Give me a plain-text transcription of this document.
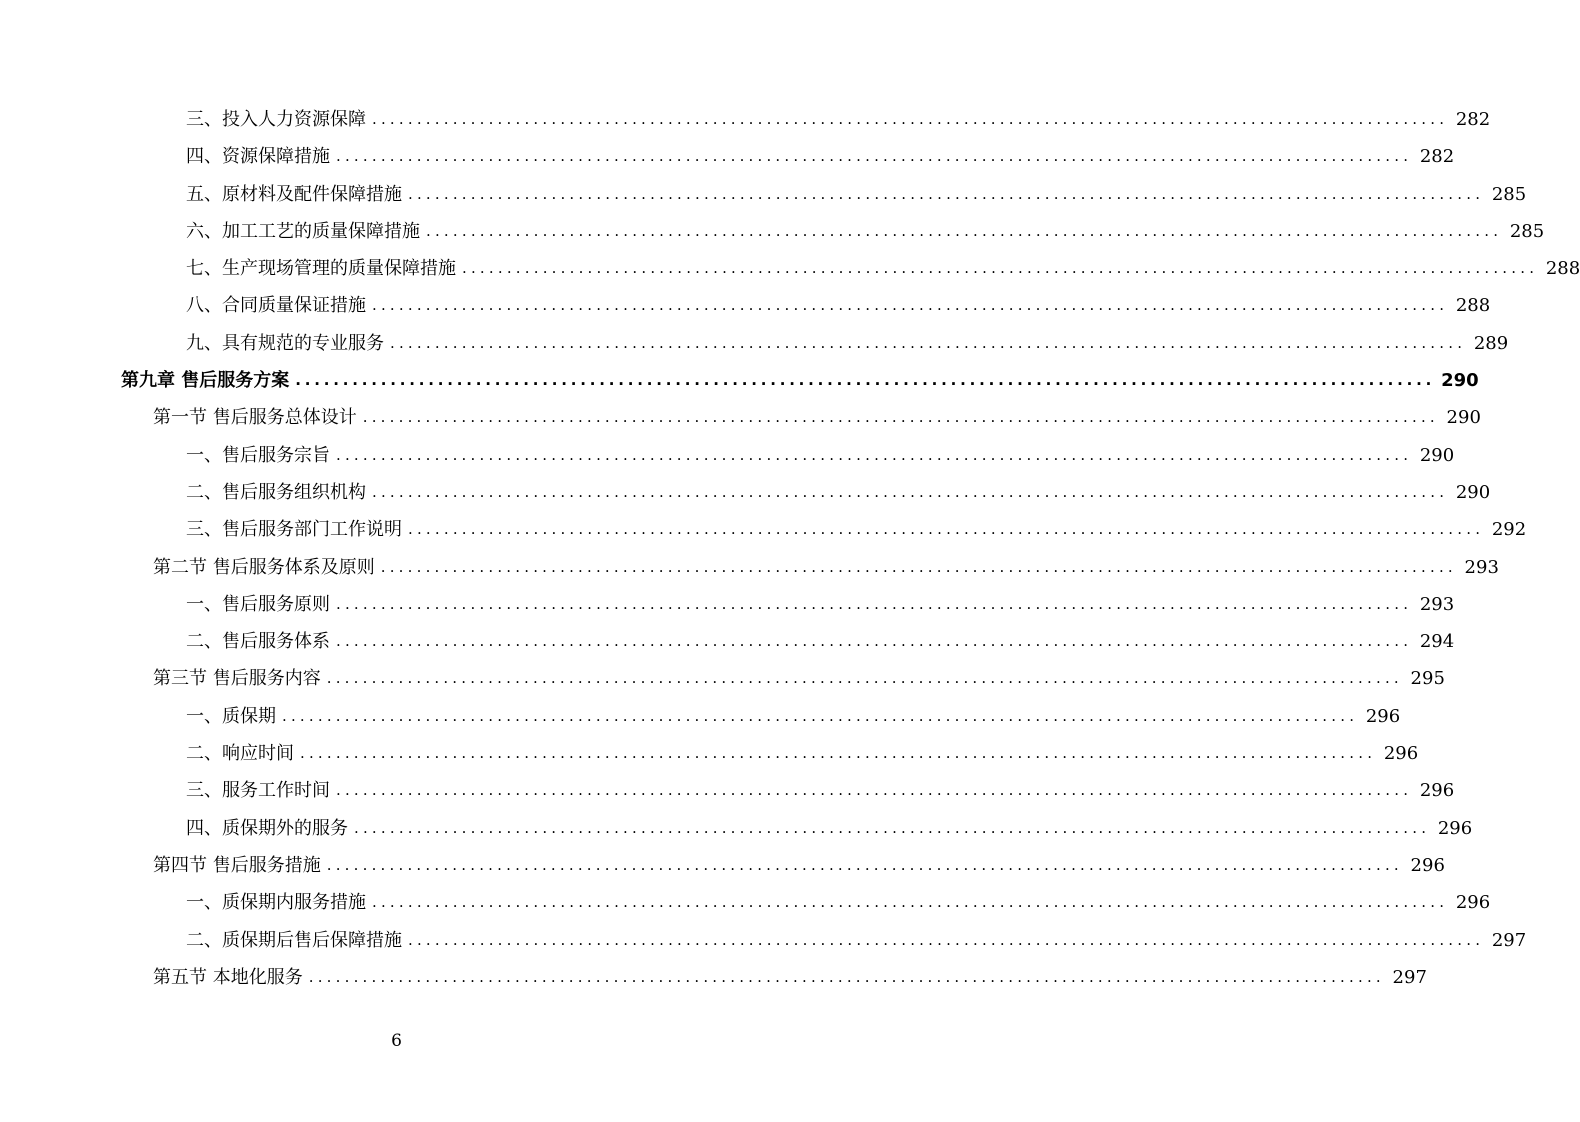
三、投入人力资源保障 ........................................................................................................................ 282
四、资源保障措施 ........................................................................................................................ 282
五、原材料及配件保障措施 ........................................................................................................................ 285
六、加工工艺的质量保障措施 ........................................................................................................................ 285
七、生产现场管理的质量保障措施 ........................................................................................................................ 288
八、合同质量保证措施 ........................................................................................................................ 288
九、具有规范的专业服务 ........................................................................................................................ 289
第九章 售后服务方案 ........................................................................................................................ 290
第一节 售后服务总体设计 ........................................................................................................................ 290
一、售后服务宗旨 ........................................................................................................................ 290
二、售后服务组织机构 ........................................................................................................................ 290
三、售后服务部门工作说明 ........................................................................................................................ 292
第二节 售后服务体系及原则 ........................................................................................................................ 293
一、售后服务原则 ........................................................................................................................ 293
二、售后服务体系 ........................................................................................................................ 294
第三节 售后服务内容 ........................................................................................................................ 295
一、质保期 ........................................................................................................................ 296
二、响应时间 ........................................................................................................................ 296
三、服务工作时间 ........................................................................................................................ 296
四、质保期外的服务 ........................................................................................................................ 296
第四节 售后服务措施 ........................................................................................................................ 296
一、质保期内服务措施 ........................................................................................................................ 296
二、质保期后售后保障措施 ........................................................................................................................ 297
第五节 本地化服务 ........................................................................................................................ 297
6
